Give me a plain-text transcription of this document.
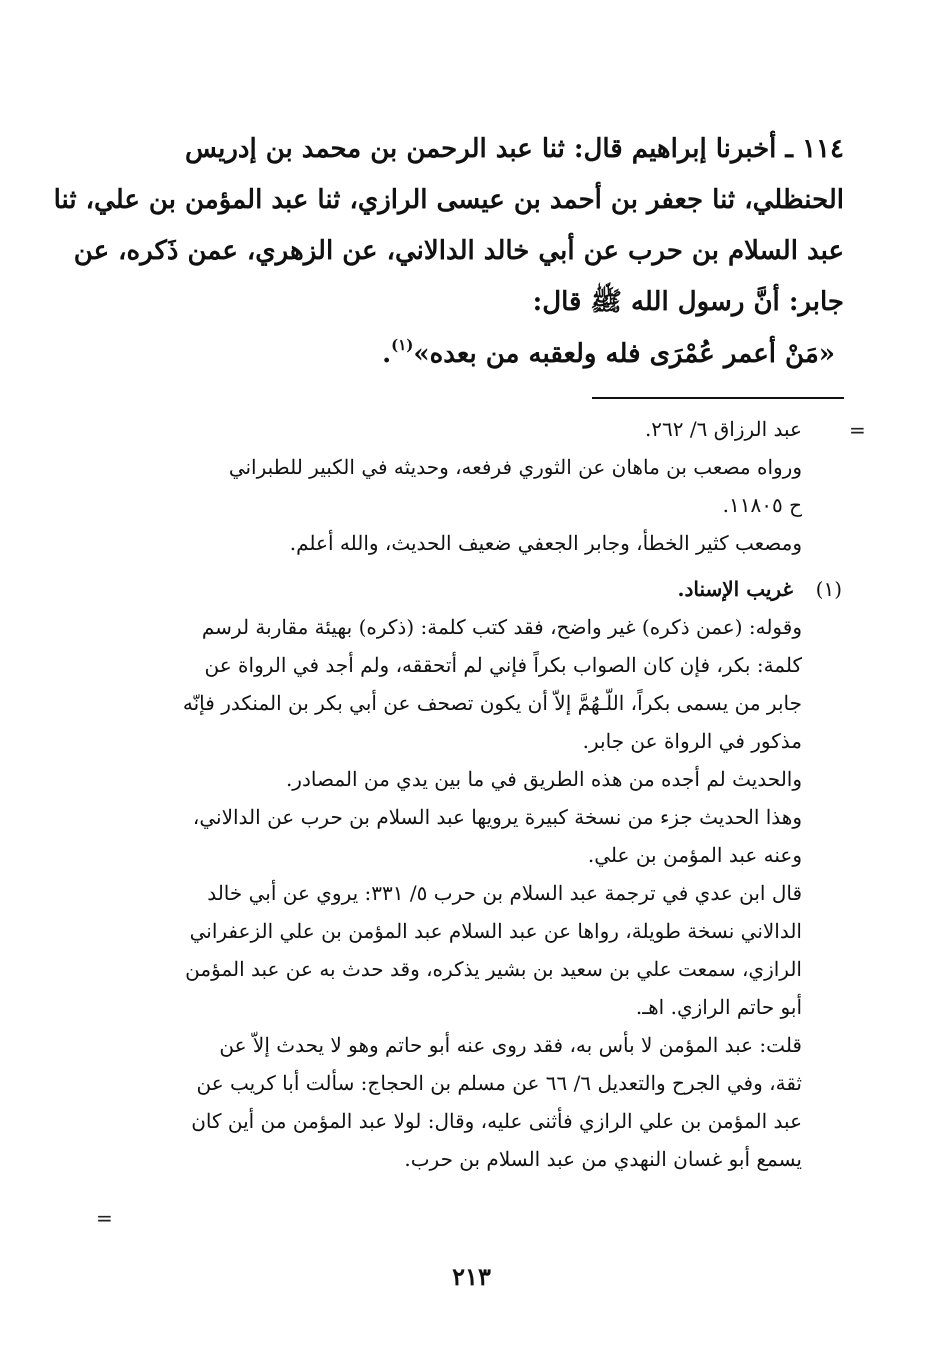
١١٤ ـ أخبرنا إبراهيم قال: ثنا عبد الرحمن بن محمد بن إدريس
الحنظلي، ثنا جعفر بن أحمد بن عيسى الرازي، ثنا عبد المؤمن بن علي، ثنا
عبد السلام بن حرب عن أبي خالد الدالاني، عن الزهري، عمن ذَكره، عن
جابر: أنَّ رسول الله ﷺ قال:
«مَنْ أعمر عُمْرَى فله ولعقبه من بعده»$^{(١)}$.
=
عبد الرزاق ٦/ ٢٦٢.
ورواه مصعب بن ماهان عن الثوري فرفعه، وحديثه في الكبير للطبراني
ح ١١٨٠٥.
ومصعب كثير الخطأ، وجابر الجعفي ضعيف الحديث، والله أعلم.
(١)  غريب الإسناد.
وقوله: (عمن ذكره) غير واضح، فقد كتب كلمة: (ذكره) بهيئة مقاربة لرسم
كلمة: بكر، فإن كان الصواب بكراً فإني لم أتحققه، ولم أجد في الرواة عن
جابر من يسمى بكراً، اللّـهُمَّ إلاّ أن يكون تصحف عن أبي بكر بن المنكدر فإنّه
مذكور في الرواة عن جابر.
والحديث لم أجده من هذه الطريق في ما بين يدي من المصادر.
وهذا الحديث جزء من نسخة كبيرة يرويها عبد السلام بن حرب عن الدالاني،
وعنه عبد المؤمن بن علي.
قال ابن عدي في ترجمة عبد السلام بن حرب ٥/ ٣٣١: يروي عن أبي خالد
الدالاني نسخة طويلة، رواها عن عبد السلام عبد المؤمن بن علي الزعفراني
الرازي، سمعت علي بن سعيد بن بشير يذكره، وقد حدث به عن عبد المؤمن
أبو حاتم الرازي. اهـ.
قلت: عبد المؤمن لا بأس به، فقد روى عنه أبو حاتم وهو لا يحدث إلاّ عن
ثقة، وفي الجرح والتعديل ٦/ ٦٦ عن مسلم بن الحجاج: سألت أبا كريب عن
عبد المؤمن بن علي الرازي فأثنى عليه، وقال: لولا عبد المؤمن من أين كان
يسمع أبو غسان النهدي من عبد السلام بن حرب.
=
٢١٣
